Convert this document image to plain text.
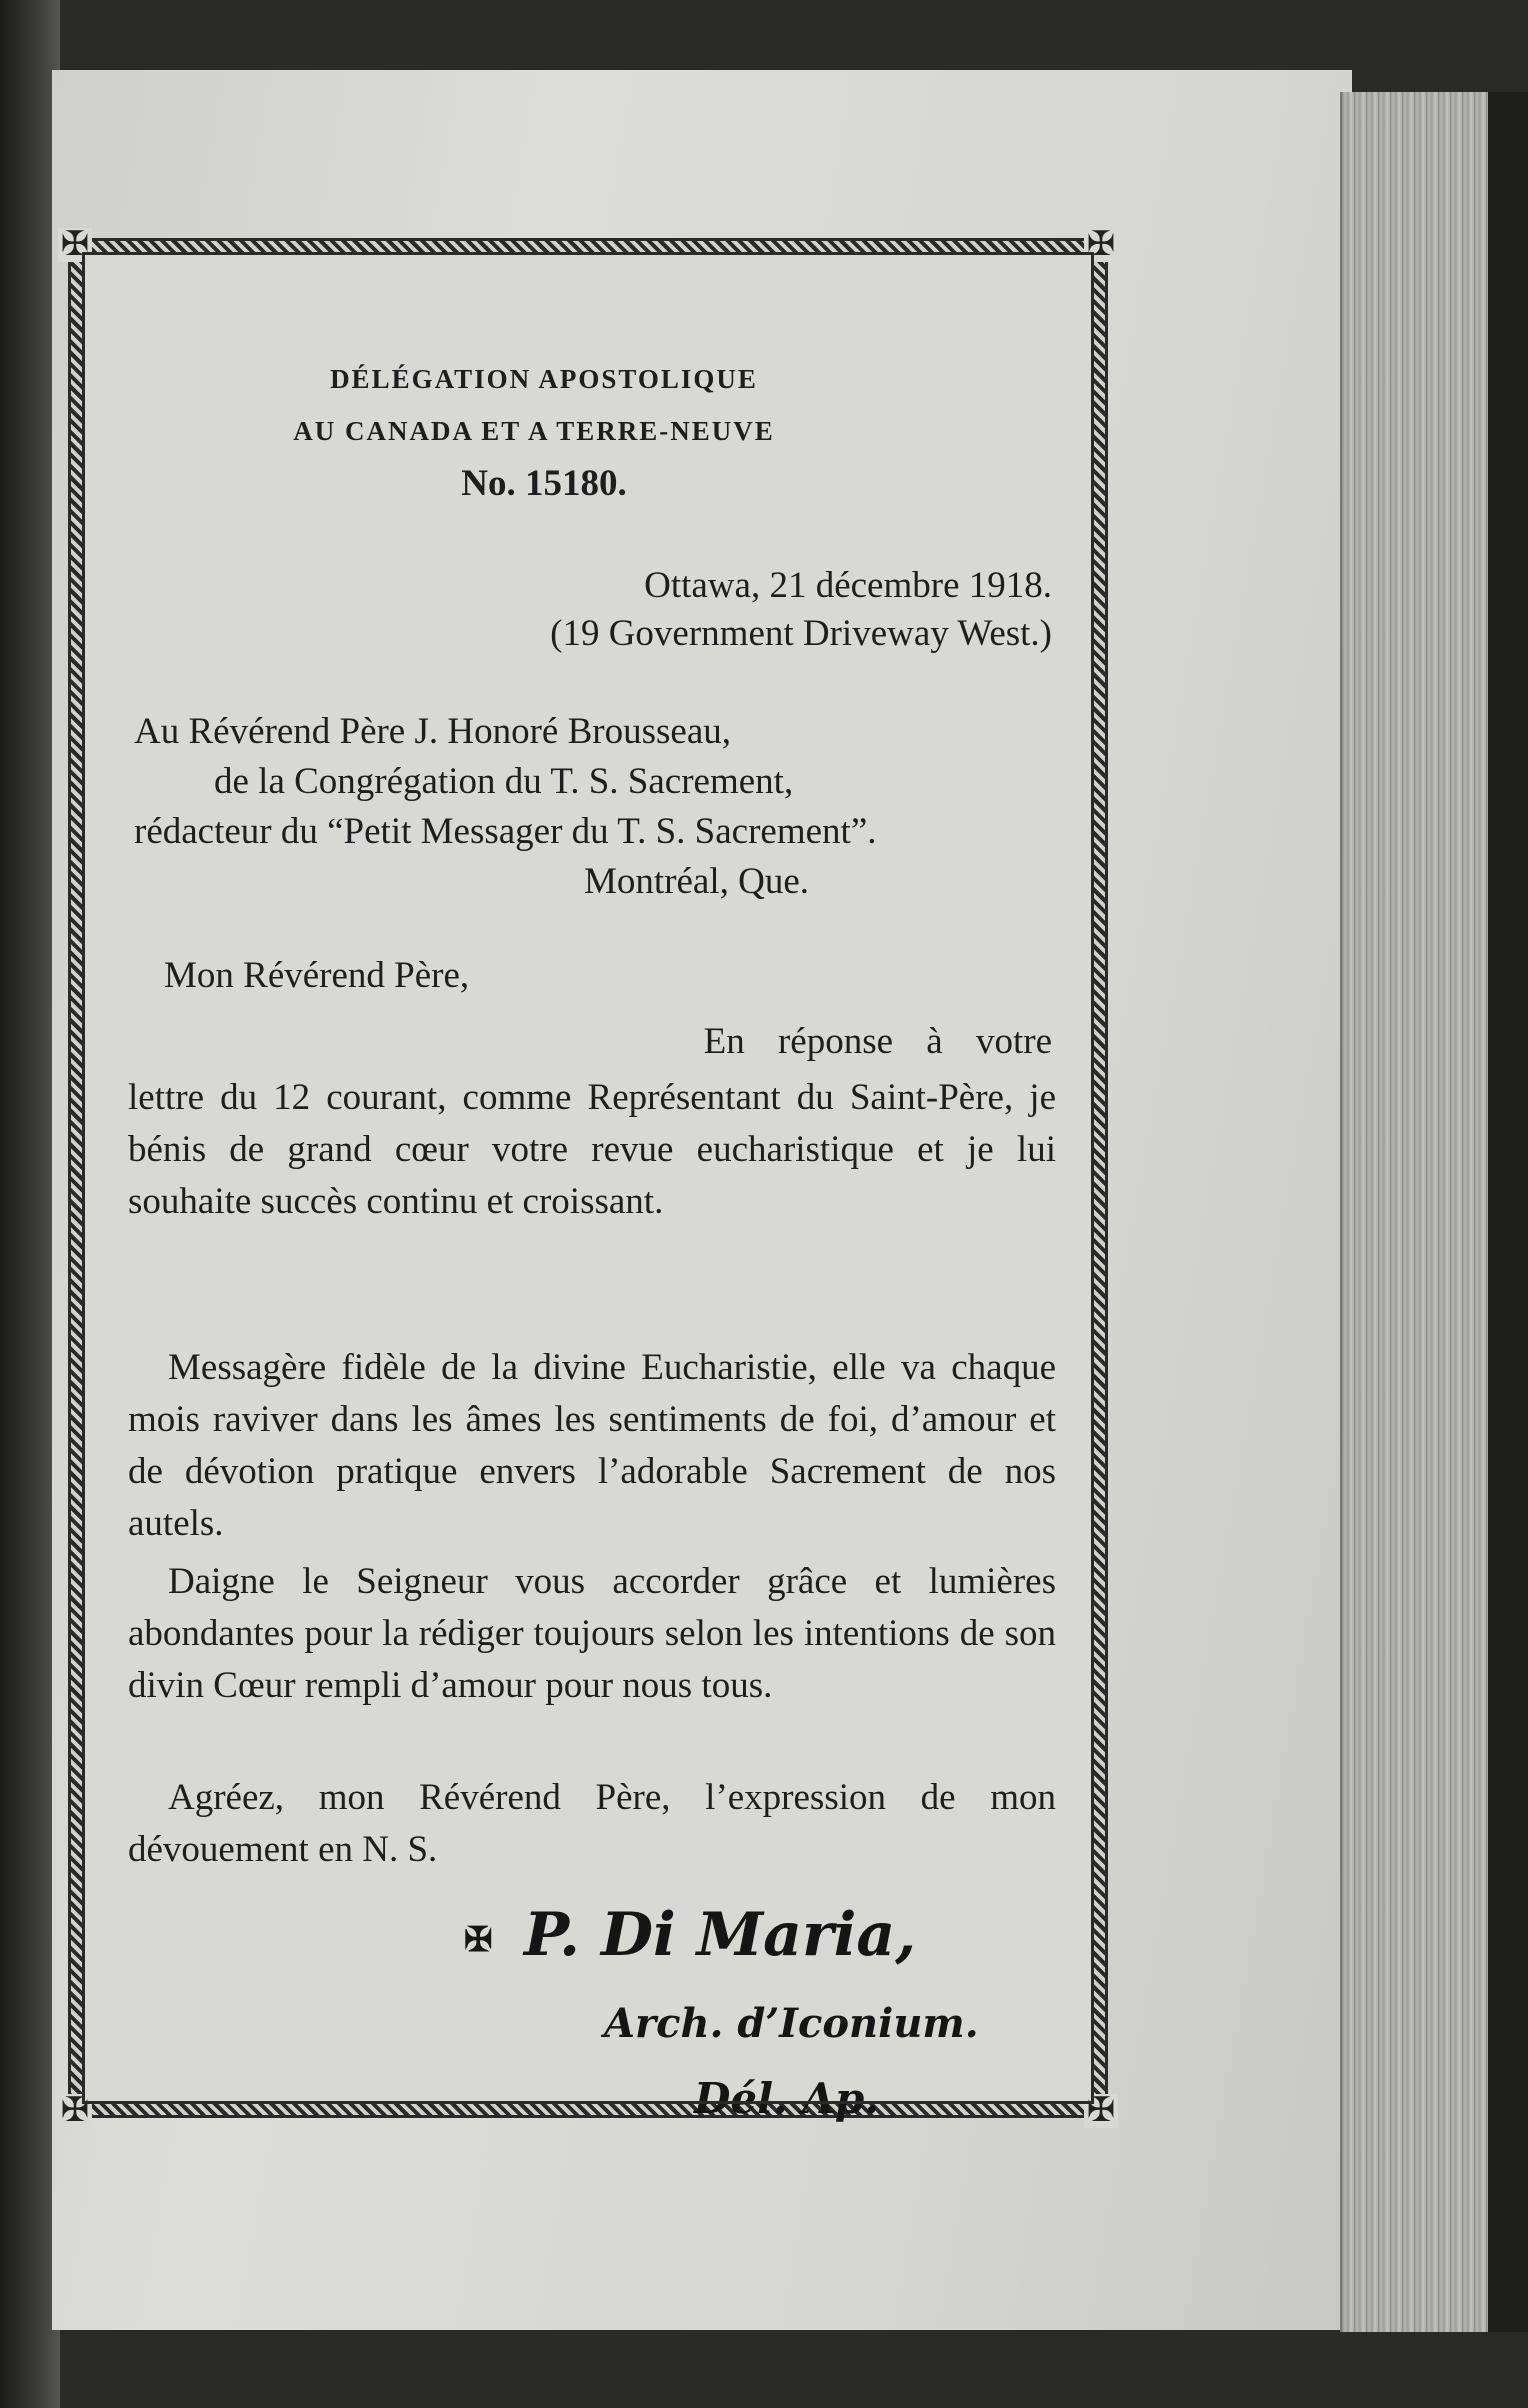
✠	✠
✠	✠
DÉLÉGATION APOSTOLIQUE
AU CANADA ET A TERRE-NEUVE
No. 15180.
Ottawa, 21 décembre 1918.
(19 Government Driveway West.)
Au Révérend Père J. Honoré Brousseau,
de la Congrégation du T. S. Sacrement,
rédacteur du “Petit Messager du T. S. Sacrement”.
Montréal, Que.
Mon Révérend Père,
En réponse à votre
lettre du 12 courant, comme Représentant du Saint-Père, je bénis de grand cœur votre revue eucharistique et je lui souhaite succès continu et croissant.
Messagère fidèle de la divine Eucharistie, elle va chaque mois raviver dans les âmes les sentiments de foi, d’amour et de dévotion pratique envers l’adorable Sacrement de nos autels.
Daigne le Seigneur vous accorder grâce et lumières abondantes pour la rédiger toujours selon les intentions de son divin Cœur rempli d’amour pour nous tous.
Agréez, mon Révérend Père, l’expression de mon dévouement en N. S.
✠ P. Di Maria,
Arch. d’Iconium.
Dél. Ap.
